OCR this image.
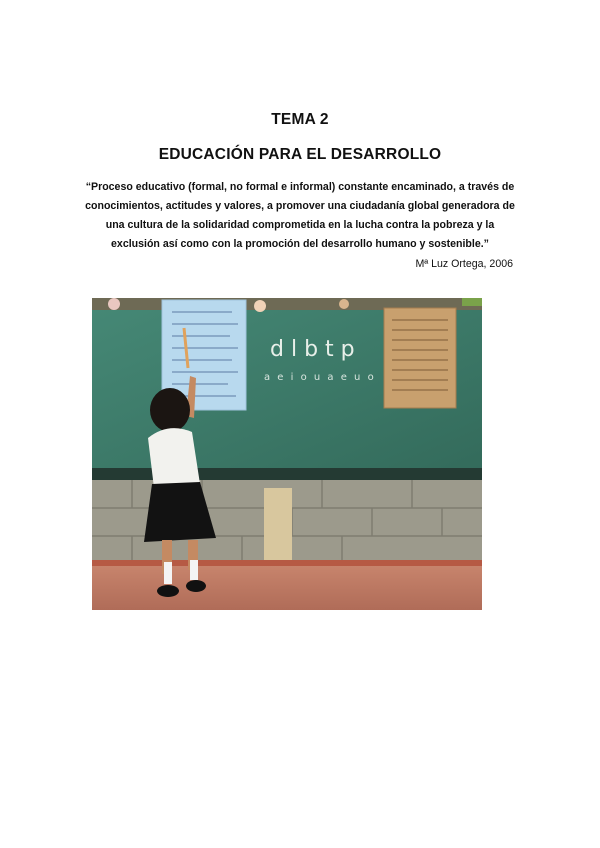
TEMA 2
EDUCACIÓN PARA EL DESARROLLO
“Proceso educativo (formal, no formal e informal) constante encaminado, a través de
conocimientos, actitudes y valores, a promover una ciudadanía global generadora de
una cultura de la solidaridad comprometida en la lucha contra la pobreza y la
exclusión así como con la promoción del desarrollo humano y sostenible.”
Mª Luz Ortega, 2006
d l b t p
a e i o u a e u o
